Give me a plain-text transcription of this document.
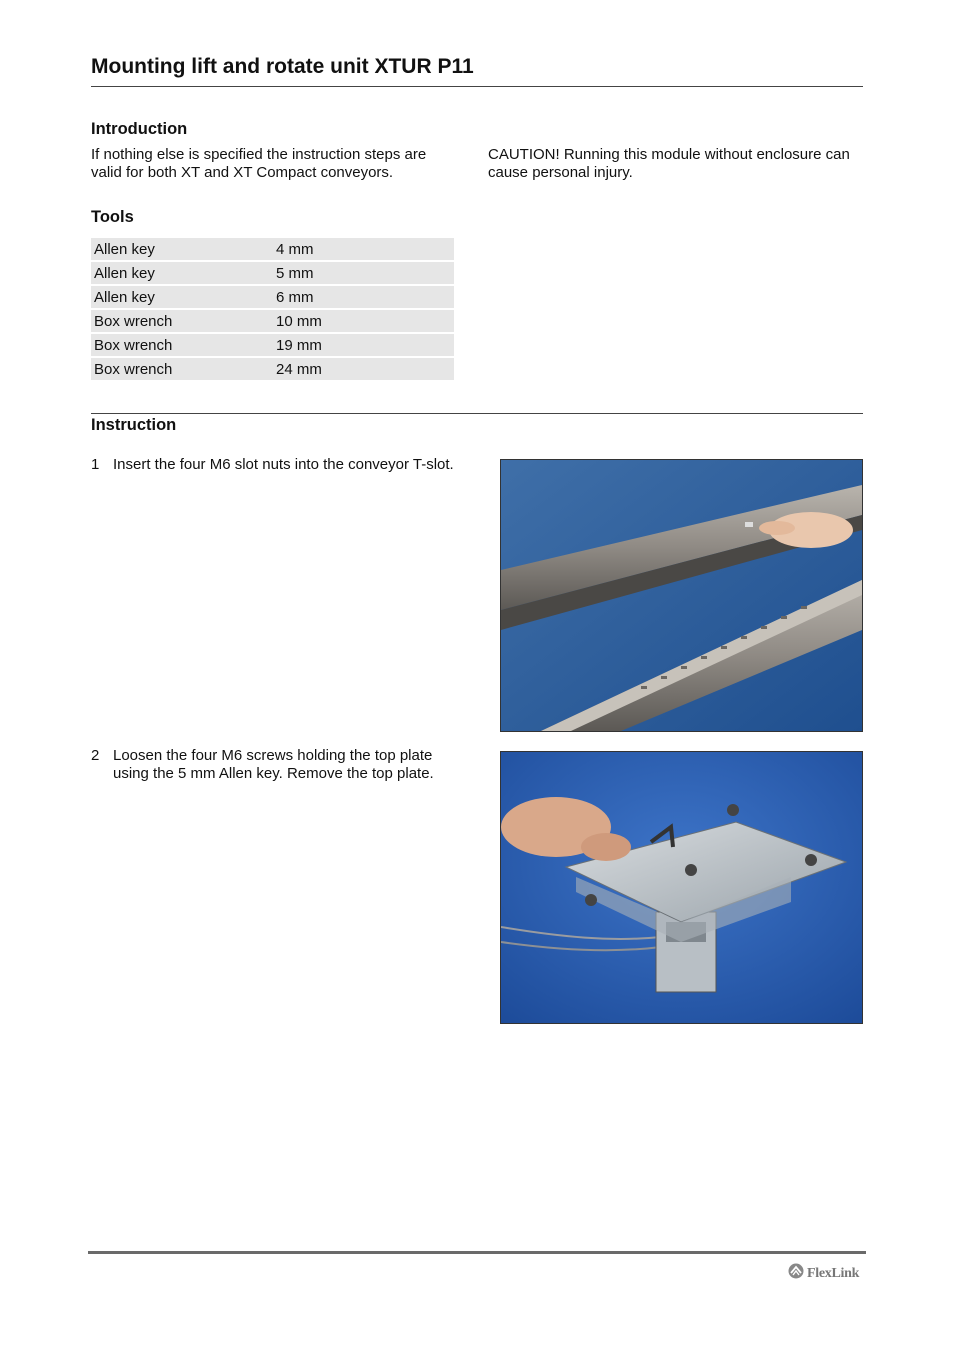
Mounting lift and rotate unit XTUR P11
Introduction

If nothing else is specified the instruction steps are valid for both XT and XT Compact conveyors.

CAUTION! Running this module without enclosure can cause personal injury.

Tools
Allen key	4 mm
Allen key	5 mm
Allen key	6 mm
Box wrench	10 mm
Box wrench	19 mm
Box wrench	24 mm
Instruction
1 Insert the four M6 slot nuts into the conveyor T-slot.
2 Loosen the four M6 screws holding the top plate using the 5 mm Allen key. Remove the top plate.
FlexLink
